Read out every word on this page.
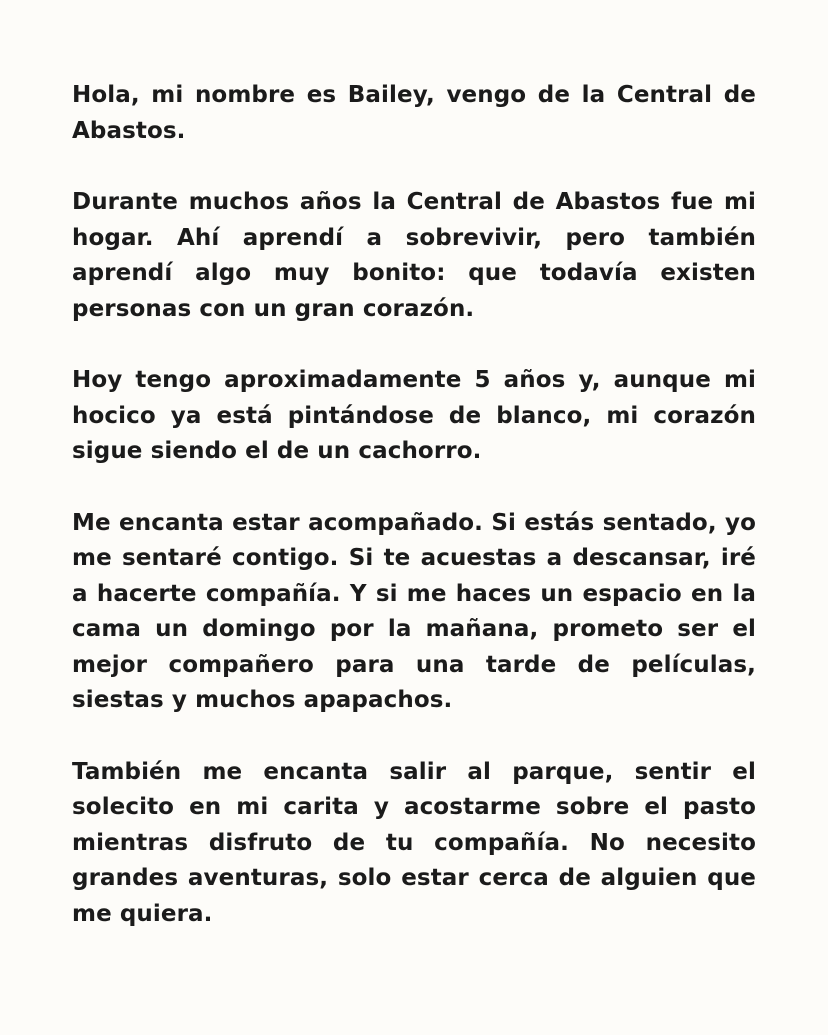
Hola, mi nombre es Bailey, vengo de la Central de Abastos.

Durante muchos años la Central de Abastos fue mi hogar. Ahí aprendí a sobrevivir, pero también aprendí algo muy bonito: que todavía existen personas con un gran corazón.

Hoy tengo aproximadamente 5 años y, aunque mi hocico ya está pintándose de blanco, mi corazón sigue siendo el de un cachorro.

Me encanta estar acompañado. Si estás sentado, yo me sentaré contigo. Si te acuestas a descansar, iré a hacerte compañía. Y si me haces un espacio en la cama un domingo por la mañana, prometo ser el mejor compañero para una tarde de películas, siestas y muchos apapachos.

También me encanta salir al parque, sentir el solecito en mi carita y acostarme sobre el pasto mientras disfruto de tu compañía. No necesito grandes aventuras, solo estar cerca de alguien que me quiera.
